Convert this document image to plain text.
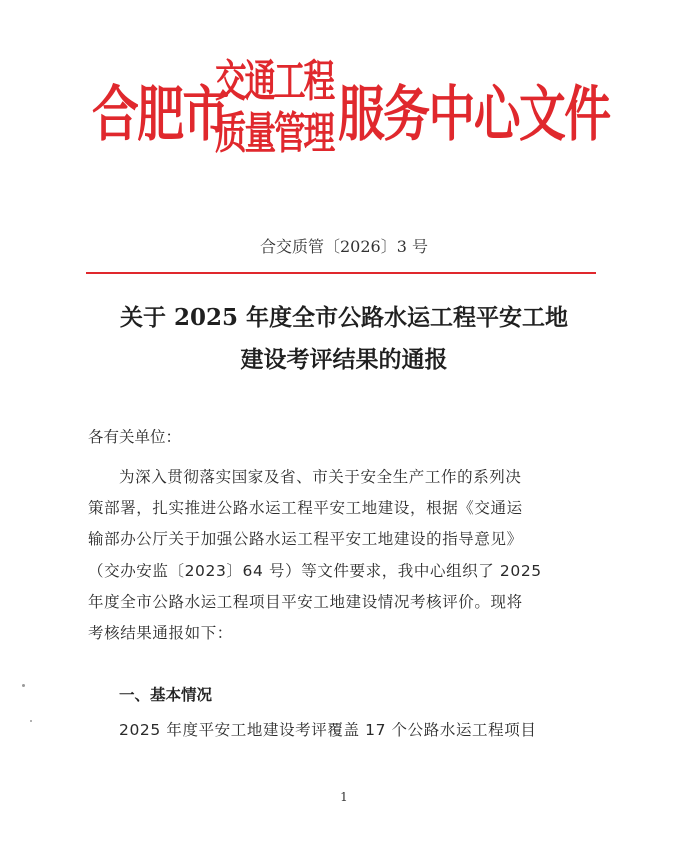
合肥市
交通工程
质量管理 服务中心文件
合交质管〔2026〕3 号
关于 2025 年度全市公路水运工程平安工地
建设考评结果的通报
各有关单位：
为深入贯彻落实国家及省、市关于安全生产工作的系列决
策部署，扎实推进公路水运工程平安工地建设，根据《交通运
输部办公厅关于加强公路水运工程平安工地建设的指导意见》
（交办安监〔2023〕64 号）等文件要求，我中心组织了 2025
年度全市公路水运工程项目平安工地建设情况考核评价。现将
考核结果通报如下：
一、基本情况
2025 年度平安工地建设考评覆盖 17 个公路水运工程项目
1
